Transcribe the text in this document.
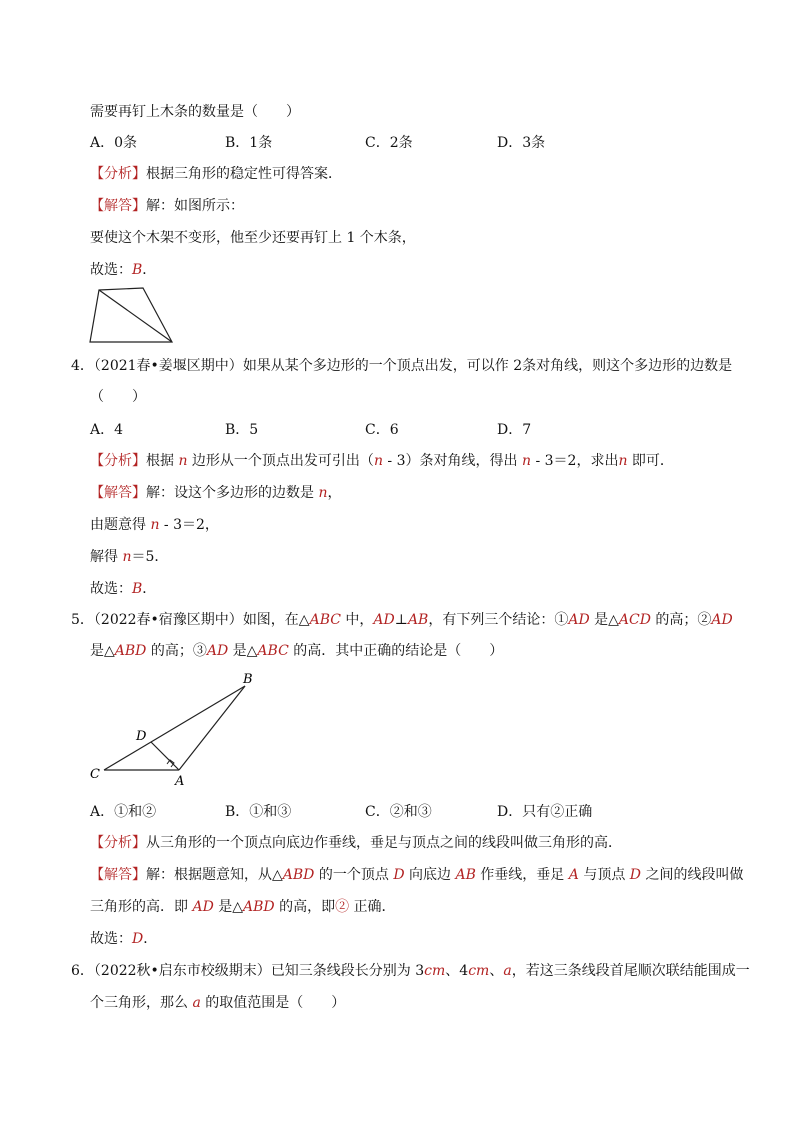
需要再钉上木条的数量是（　　）
A．0条	B．1条	C．2条	D．3条
【分析】根据三角形的稳定性可得答案．
【解答】解：如图所示：
要使这个木架不变形，他至少还要再钉上 1 个木条，
故选：B．
4．（2021春•姜堰区期中）如果从某个多边形的一个顶点出发，可以作 2条对角线，则这个多边形的边数是
（　　）
A．4	B．5	C．6	D．7
【分析】根据 n 边形从一个顶点出发可引出（n - 3）条对角线，得出 n - 3＝2，求出n 即可．
【解答】解：设这个多边形的边数是 n，
由题意得 n - 3＝2，
解得 n＝5．
故选：B．
5．（2022春•宿豫区期中）如图，在△ABC 中，AD⊥AB，有下列三个结论：①AD 是△ACD 的高；②AD
是△ABD 的高；③AD 是△ABC 的高．其中正确的结论是（　　）
B
D
C	A
A．①和②	B．①和③	C．②和③	D．只有②正确
【分析】从三角形的一个顶点向底边作垂线，垂足与顶点之间的线段叫做三角形的高．
【解答】解：根据题意知，从△ABD 的一个顶点 D 向底边 AB 作垂线，垂足 A 与顶点 D 之间的线段叫做
三角形的高．即 AD 是△ABD 的高，即② 正确．
故选：D．
6．（2022秋•启东市校级期末）已知三条线段长分别为 3cm、4cm、a，若这三条线段首尾顺次联结能围成一
个三角形，那么 a 的取值范围是（　　）
